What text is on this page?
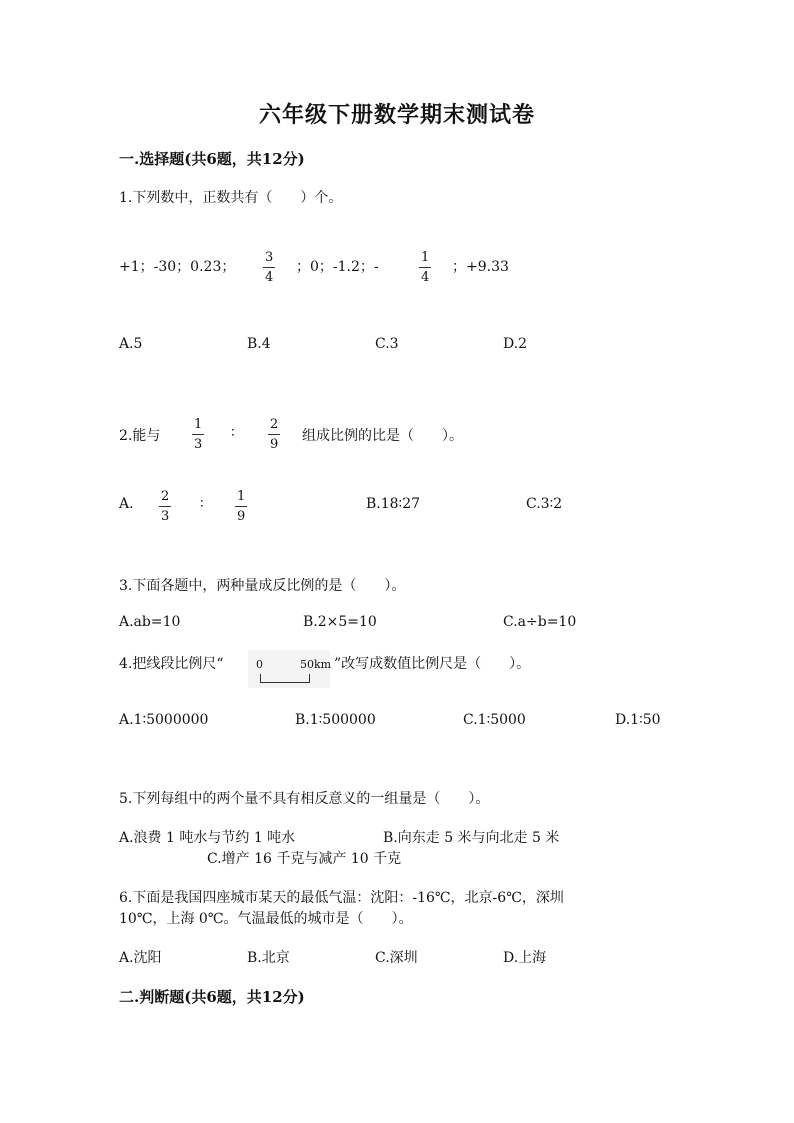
六年级下册数学期末测试卷
一.选择题(共6题，共12分)
1.下列数中，正数共有（　　）个。
+1；-30；0.23； $\frac{3}{4}$ ；0；-1.2；-	$\frac{1}{4}$ ；+9.33
A.5	B.4	C.3	D.2
2.能与 $\frac{1}{3}$ ∶	$\frac{2}{9}$ 组成比例的比是（　　）。
A. $\frac{2}{3}$ ∶ $\frac{1}{9}$	B.18∶27	C.3∶2
3.下面各题中，两种量成反比例的是（　　）。
A.ab=10	B.2×5=10	C.a÷b=10
4.把线段比例尺“	0	50km ”改写成数值比例尺是（　　）。
A.1∶5000000	B.1∶500000	C.1∶5000	D.1∶50
5.下列每组中的两个量不具有相反意义的一组量是（　　）。
A.浪费 1 吨水与节约 1 吨水	B.向东走 5 米与向北走 5 米
C.增产 16 千克与减产 10 千克
6.下面是我国四座城市某天的最低气温：沈阳：-16℃，北京-6℃，深圳
10℃，上海 0℃。气温最低的城市是（　　）。
A.沈阳	B.北京	C.深圳	D.上海
二.判断题(共6题，共12分)
